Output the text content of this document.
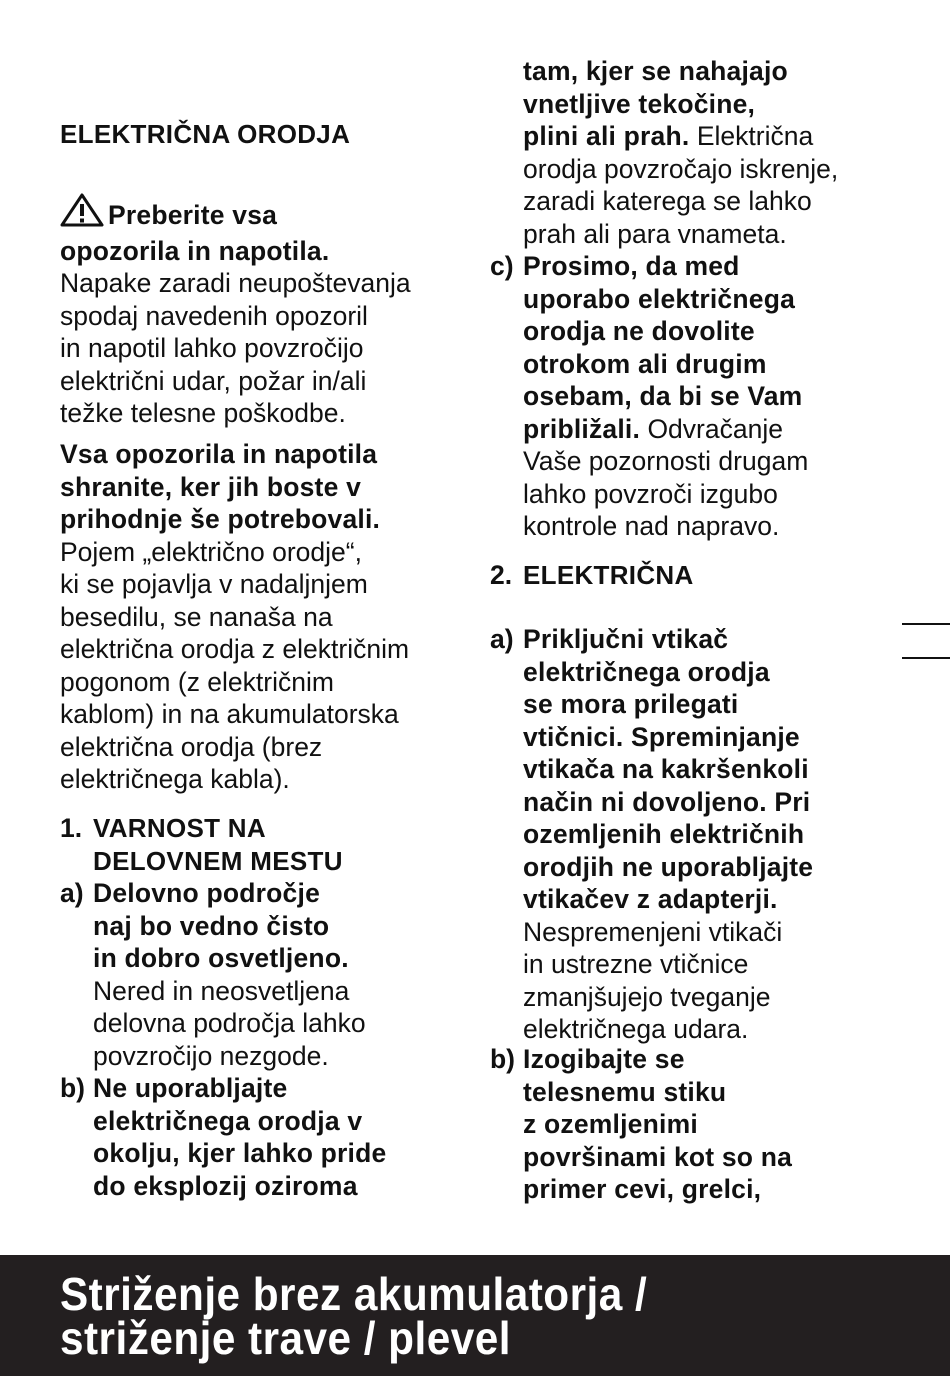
ELEKTRIČNA ORODJA

Preberite vsa

opozorila in napotila.

Napake zaradi neupoštevanja

spodaj navedenih opozoril

in napotil lahko povzročijo

električni udar, požar in/ali

težke telesne poškodbe.

Vsa opozorila in napotila

shranite, ker jih boste v

prihodnje še potrebovali.

Pojem „električno orodje“,

ki se pojavlja v nadaljnjem

besedilu, se nanaša na

električna orodja z električnim

pogonom (z električnim

kablom) in na akumulatorska

električna orodja (brez

električnega kabla).

1. VARNOST NA

DELOVNEM MESTU

a) Delovno področje

naj bo vedno čisto

in dobro osvetljeno.

Nered in neosvetljena

delovna področja lahko

povzročijo nezgode.

b) Ne uporabljajte

električnega orodja v

okolju, kjer lahko pride

do eksplozij oziroma

tam, kjer se nahajajo

vnetljive tekočine,

plini ali prah. Električna

orodja povzročajo iskrenje,

zaradi katerega se lahko

prah ali para vnameta.

c) Prosimo, da med

uporabo električnega

orodja ne dovolite

otrokom ali drugim

osebam, da bi se Vam

približali. Odvračanje

Vaše pozornosti drugam

lahko povzroči izgubo

kontrole nad napravo.

2. ELEKTRIČNA

a) Priključni vtikač

električnega orodja

se mora prilegati

vtičnici. Spreminjanje

vtikača na kakršenkoli

način ni dovoljeno. Pri

ozemljenih električnih

orodjih ne uporabljajte

vtikačev z adapterji.

Nespremenjeni vtikači

in ustrezne vtičnice

zmanjšujejo tveganje

električnega udara.

b) Izogibajte se

telesnemu stiku

z ozemljenimi

površinami kot so na

primer cevi, grelci,

Striženje brez akumulatorja /
striženje trave / plevel
